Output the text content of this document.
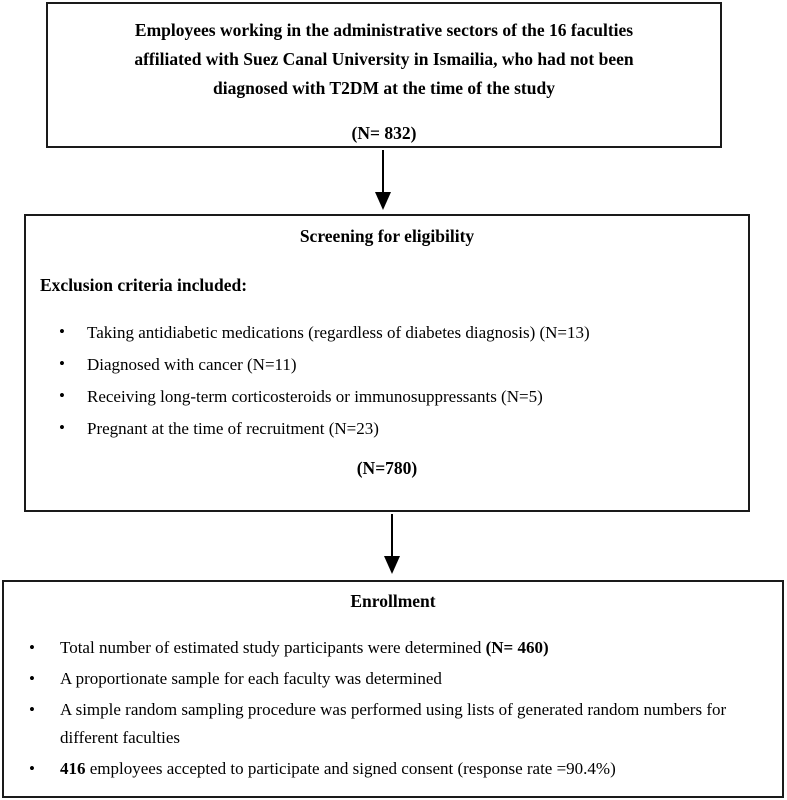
Employees working in the administrative sectors of the 16 faculties
affiliated with Suez Canal University in Ismailia, who had not been
diagnosed with T2DM at the time of the study
(N= 832)
Screening for eligibility
Exclusion criteria included:
• Taking antidiabetic medications (regardless of diabetes diagnosis) (N=13)
• Diagnosed with cancer (N=11)
• Receiving long-term corticosteroids or immunosuppressants (N=5)
• Pregnant at the time of recruitment (N=23)
(N=780)
Enrollment
• Total number of estimated study participants were determined (N= 460)
• A proportionate sample for each faculty was determined
• A simple random sampling procedure was performed using lists of generated random numbers for different faculties
• 416 employees accepted to participate and signed consent (response rate =90.4%)
